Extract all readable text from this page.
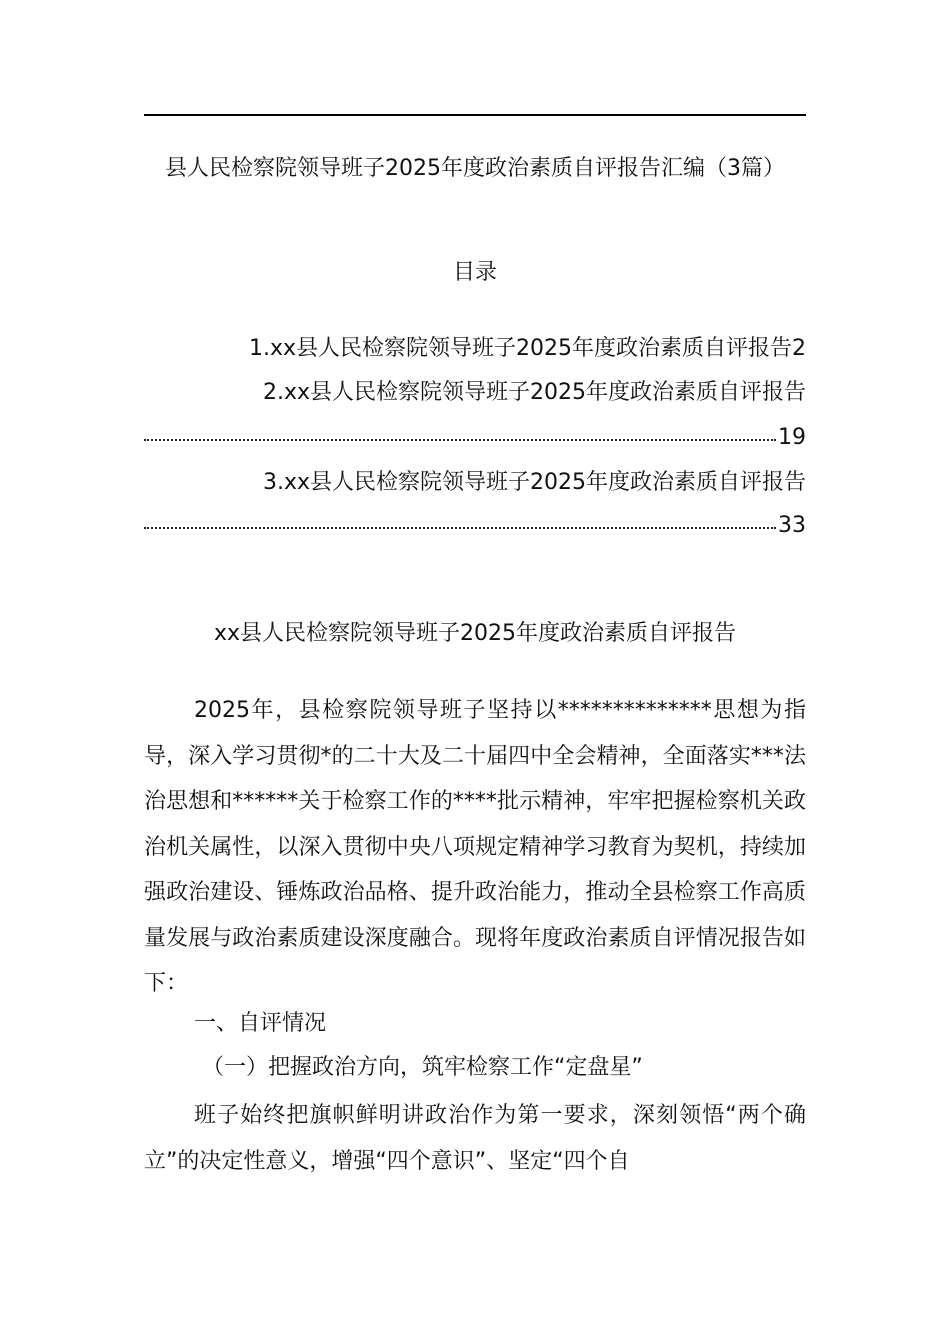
县人民检察院领导班子2025年度政治素质自评报告汇编（3篇）
目录
1.xx县人民检察院领导班子2025年度政治素质自评报告2
2.xx县人民检察院领导班子2025年度政治素质自评报告
19
3.xx县人民检察院领导班子2025年度政治素质自评报告
33
xx县人民检察院领导班子2025年度政治素质自评报告
2025年，县检察院领导班子坚持以**************思想为指导，深入学习贯彻*的二十大及二十届四中全会精神，全面落实***法治思想和******关于检察工作的****批示精神，牢牢把握检察机关政治机关属性，以深入贯彻中央八项规定精神学习教育为契机，持续加强政治建设、锤炼政治品格、提升政治能力，推动全县检察工作高质量发展与政治素质建设深度融合。现将年度政治素质自评情况报告如下：
一、自评情况
（一）把握政治方向，筑牢检察工作“定盘星”
班子始终把旗帜鲜明讲政治作为第一要求，深刻领悟“两个确立”的决定性意义，增强“四个意识”、坚定“四个自
